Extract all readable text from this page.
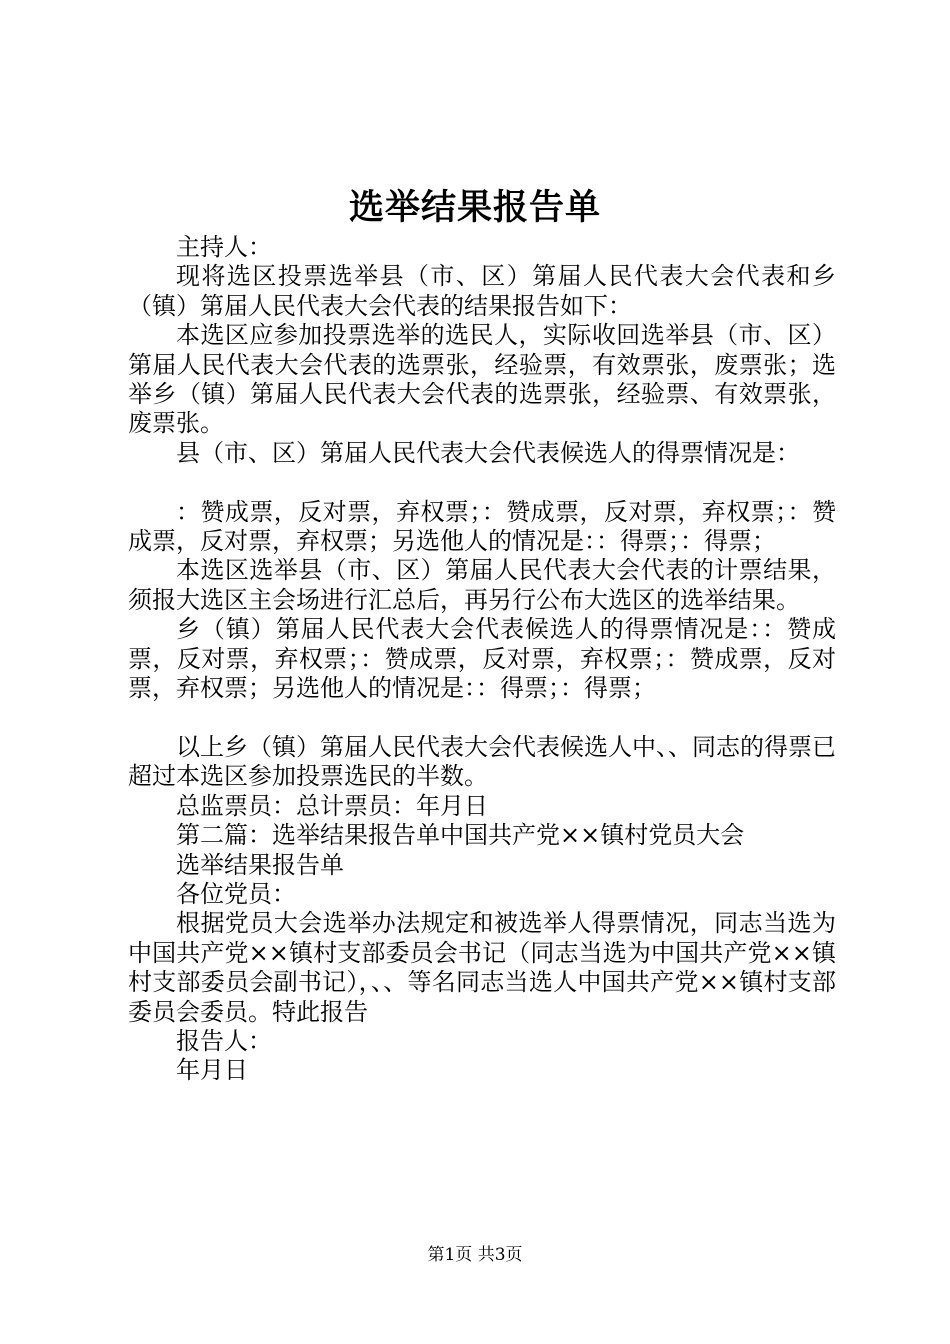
选举结果报告单

主持人：

现将选区投票选举县（市、区）第届人民代表大会代表和乡（镇）第届人民代表大会代表的结果报告如下：

本选区应参加投票选举的选民人，实际收回选举县（市、区）第届人民代表大会代表的选票张，经验票，有效票张，废票张；选举乡（镇）第届人民代表大会代表的选票张，经验票、有效票张，废票张。

县（市、区）第届人民代表大会代表候选人的得票情况是：

：赞成票，反对票，弃权票；：赞成票，反对票，弃权票；：赞成票，反对票，弃权票；另选他人的情况是：：得票；：得票；

本选区选举县（市、区）第届人民代表大会代表的计票结果，须报大选区主会场进行汇总后，再另行公布大选区的选举结果。

乡（镇）第届人民代表大会代表候选人的得票情况是：：赞成票，反对票，弃权票；：赞成票，反对票，弃权票；：赞成票，反对票，弃权票；另选他人的情况是：：得票；：得票；

以上乡（镇）第届人民代表大会代表候选人中、、同志的得票已超过本选区参加投票选民的半数。

总监票员：总计票员：年月日

第二篇：选举结果报告单中国共产党××镇村党员大会

选举结果报告单

各位党员：

根据党员大会选举办法规定和被选举人得票情况，同志当选为中国共产党××镇村支部委员会书记（同志当选为中国共产党××镇村支部委员会副书记），、、等名同志当选人中国共产党××镇村支部委员会委员。特此报告

报告人：

年月日

第1页 共3页
